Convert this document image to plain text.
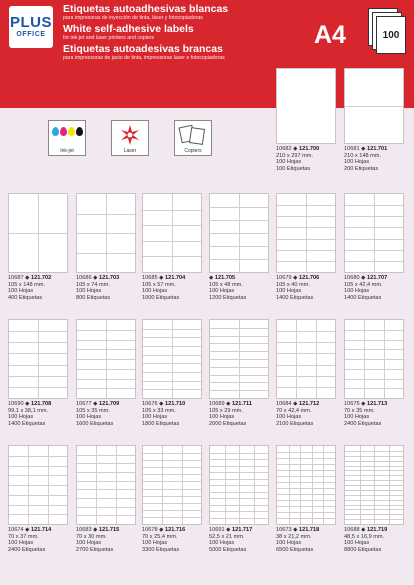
PLUS
OFFICE
Etiquetas autoadhesivas blancas
para impresoras de inyección de tinta, láser y fotocopiadoras
White self-adhesive labels
for ink-jet and laser printers and copiers
Etiquetas autoadesivas brancas
para impressoras de jacto de tinta, impressoras laser e fotocopiadoras
A4	100
Ink-jet	Laser	Copiers	10682 ◆ 121.700
210 x 297 mm.
100 Hojas
100 Etiquetas
10681 ◆ 121.701
210 x 148 mm.
100 Hojas
200 Etiquetas
10687 ◆ 121.702
105 x 148 mm.
100 Hojas
400 Etiquetas
10686 ◆ 121.703
105 x 74 mm.
100 Hojas
800 Etiquetas
10685 ◆ 121.704
105 x 57 mm.
100 Hojas
1000 Etiquetas
◆ 121.705
105 x 48 mm.
100 Hojas
1200 Etiquetas
10679 ◆ 121.706
105 x 40 mm.
100 Hojas
1400 Etiquetas
10680 ◆ 121.707
105 x 42,4 mm.
100 Hojas
1400 Etiquetas
10690 ◆ 121.708
99,1 x 38,1 mm.
100 Hojas
1400 Etiquetas
10677 ◆ 121.709
105 x 35 mm.
100 Hojas
1600 Etiquetas
10676 ◆ 121.710
105 x 33 mm.
100 Hojas
1800 Etiquetas
10689 ◆ 121.711
105 x 29 mm.
100 Hojas
2000 Etiquetas
10684 ◆ 121.712
70 x 42,4 mm.
100 Hojas
2100 Etiquetas
10675 ◆ 121.713
70 x 35 mm.
100 Hojas
2400 Etiquetas
10674 ◆ 121.714
70 x 37 mm.
100 Hojas
2400 Etiquetas
10683 ◆ 121.715
70 x 30 mm.
100 Hojas
2700 Etiquetas
10678 ◆ 121.716
70 x 25,4 mm.
100 Hojas
3300 Etiquetas
10691 ◆ 121.717
52,5 x 21 mm.
100 Hojas
5000 Etiquetas
10673 ◆ 121.718
38 x 21,2 mm.
100 Hojas
6500 Etiquetas
10688 ◆ 121.719
48,5 x 16,9 mm.
100 Hojas
8800 Etiquetas
